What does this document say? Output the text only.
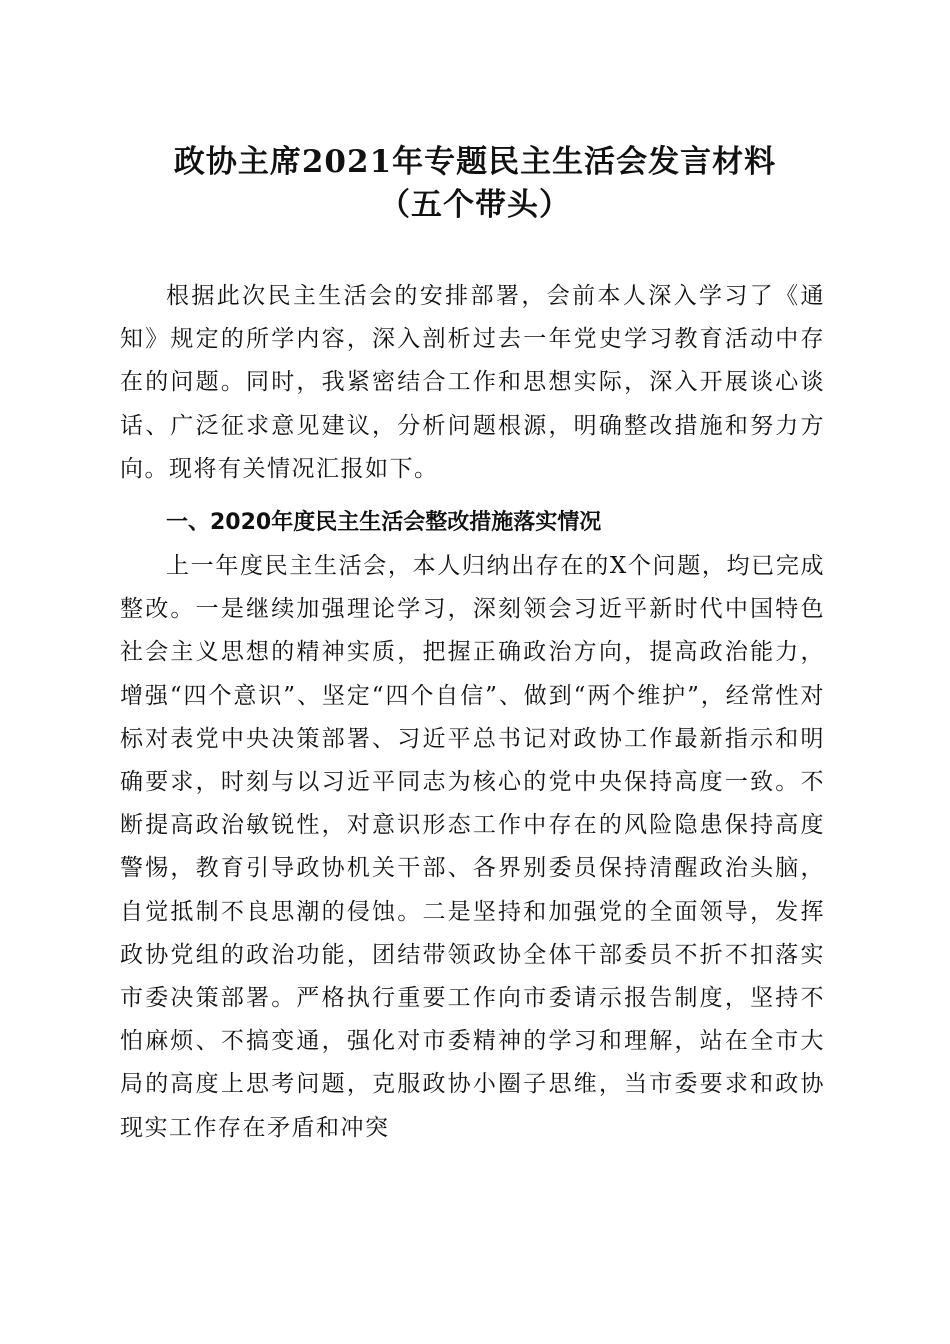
政协主席2021年专题民主生活会发言材料
（五个带头）

根据此次民主生活会的安排部署，会前本人深入学习了《通知》规定的所学内容，深入剖析过去一年党史学习教育活动中存在的问题。同时，我紧密结合工作和思想实际，深入开展谈心谈话、广泛征求意见建议，分析问题根源，明确整改措施和努力方向。现将有关情况汇报如下。

一、2020年度民主生活会整改措施落实情况

上一年度民主生活会，本人归纳出存在的X个问题，均已完成整改。一是继续加强理论学习，深刻领会习近平新时代中国特色社会主义思想的精神实质，把握正确政治方向，提高政治能力，增强“四个意识”、坚定“四个自信”、做到“两个维护”，经常性对标对表党中央决策部署、习近平总书记对政协工作最新指示和明确要求，时刻与以习近平同志为核心的党中央保持高度一致。不断提高政治敏锐性，对意识形态工作中存在的风险隐患保持高度警惕，教育引导政协机关干部、各界别委员保持清醒政治头脑，自觉抵制不良思潮的侵蚀。二是坚持和加强党的全面领导，发挥政协党组的政治功能，团结带领政协全体干部委员不折不扣落实市委决策部署。严格执行重要工作向市委请示报告制度，坚持不怕麻烦、不搞变通，强化对市委精神的学习和理解，站在全市大局的高度上思考问题，克服政协小圈子思维，当市委要求和政协现实工作存在矛盾和冲突
